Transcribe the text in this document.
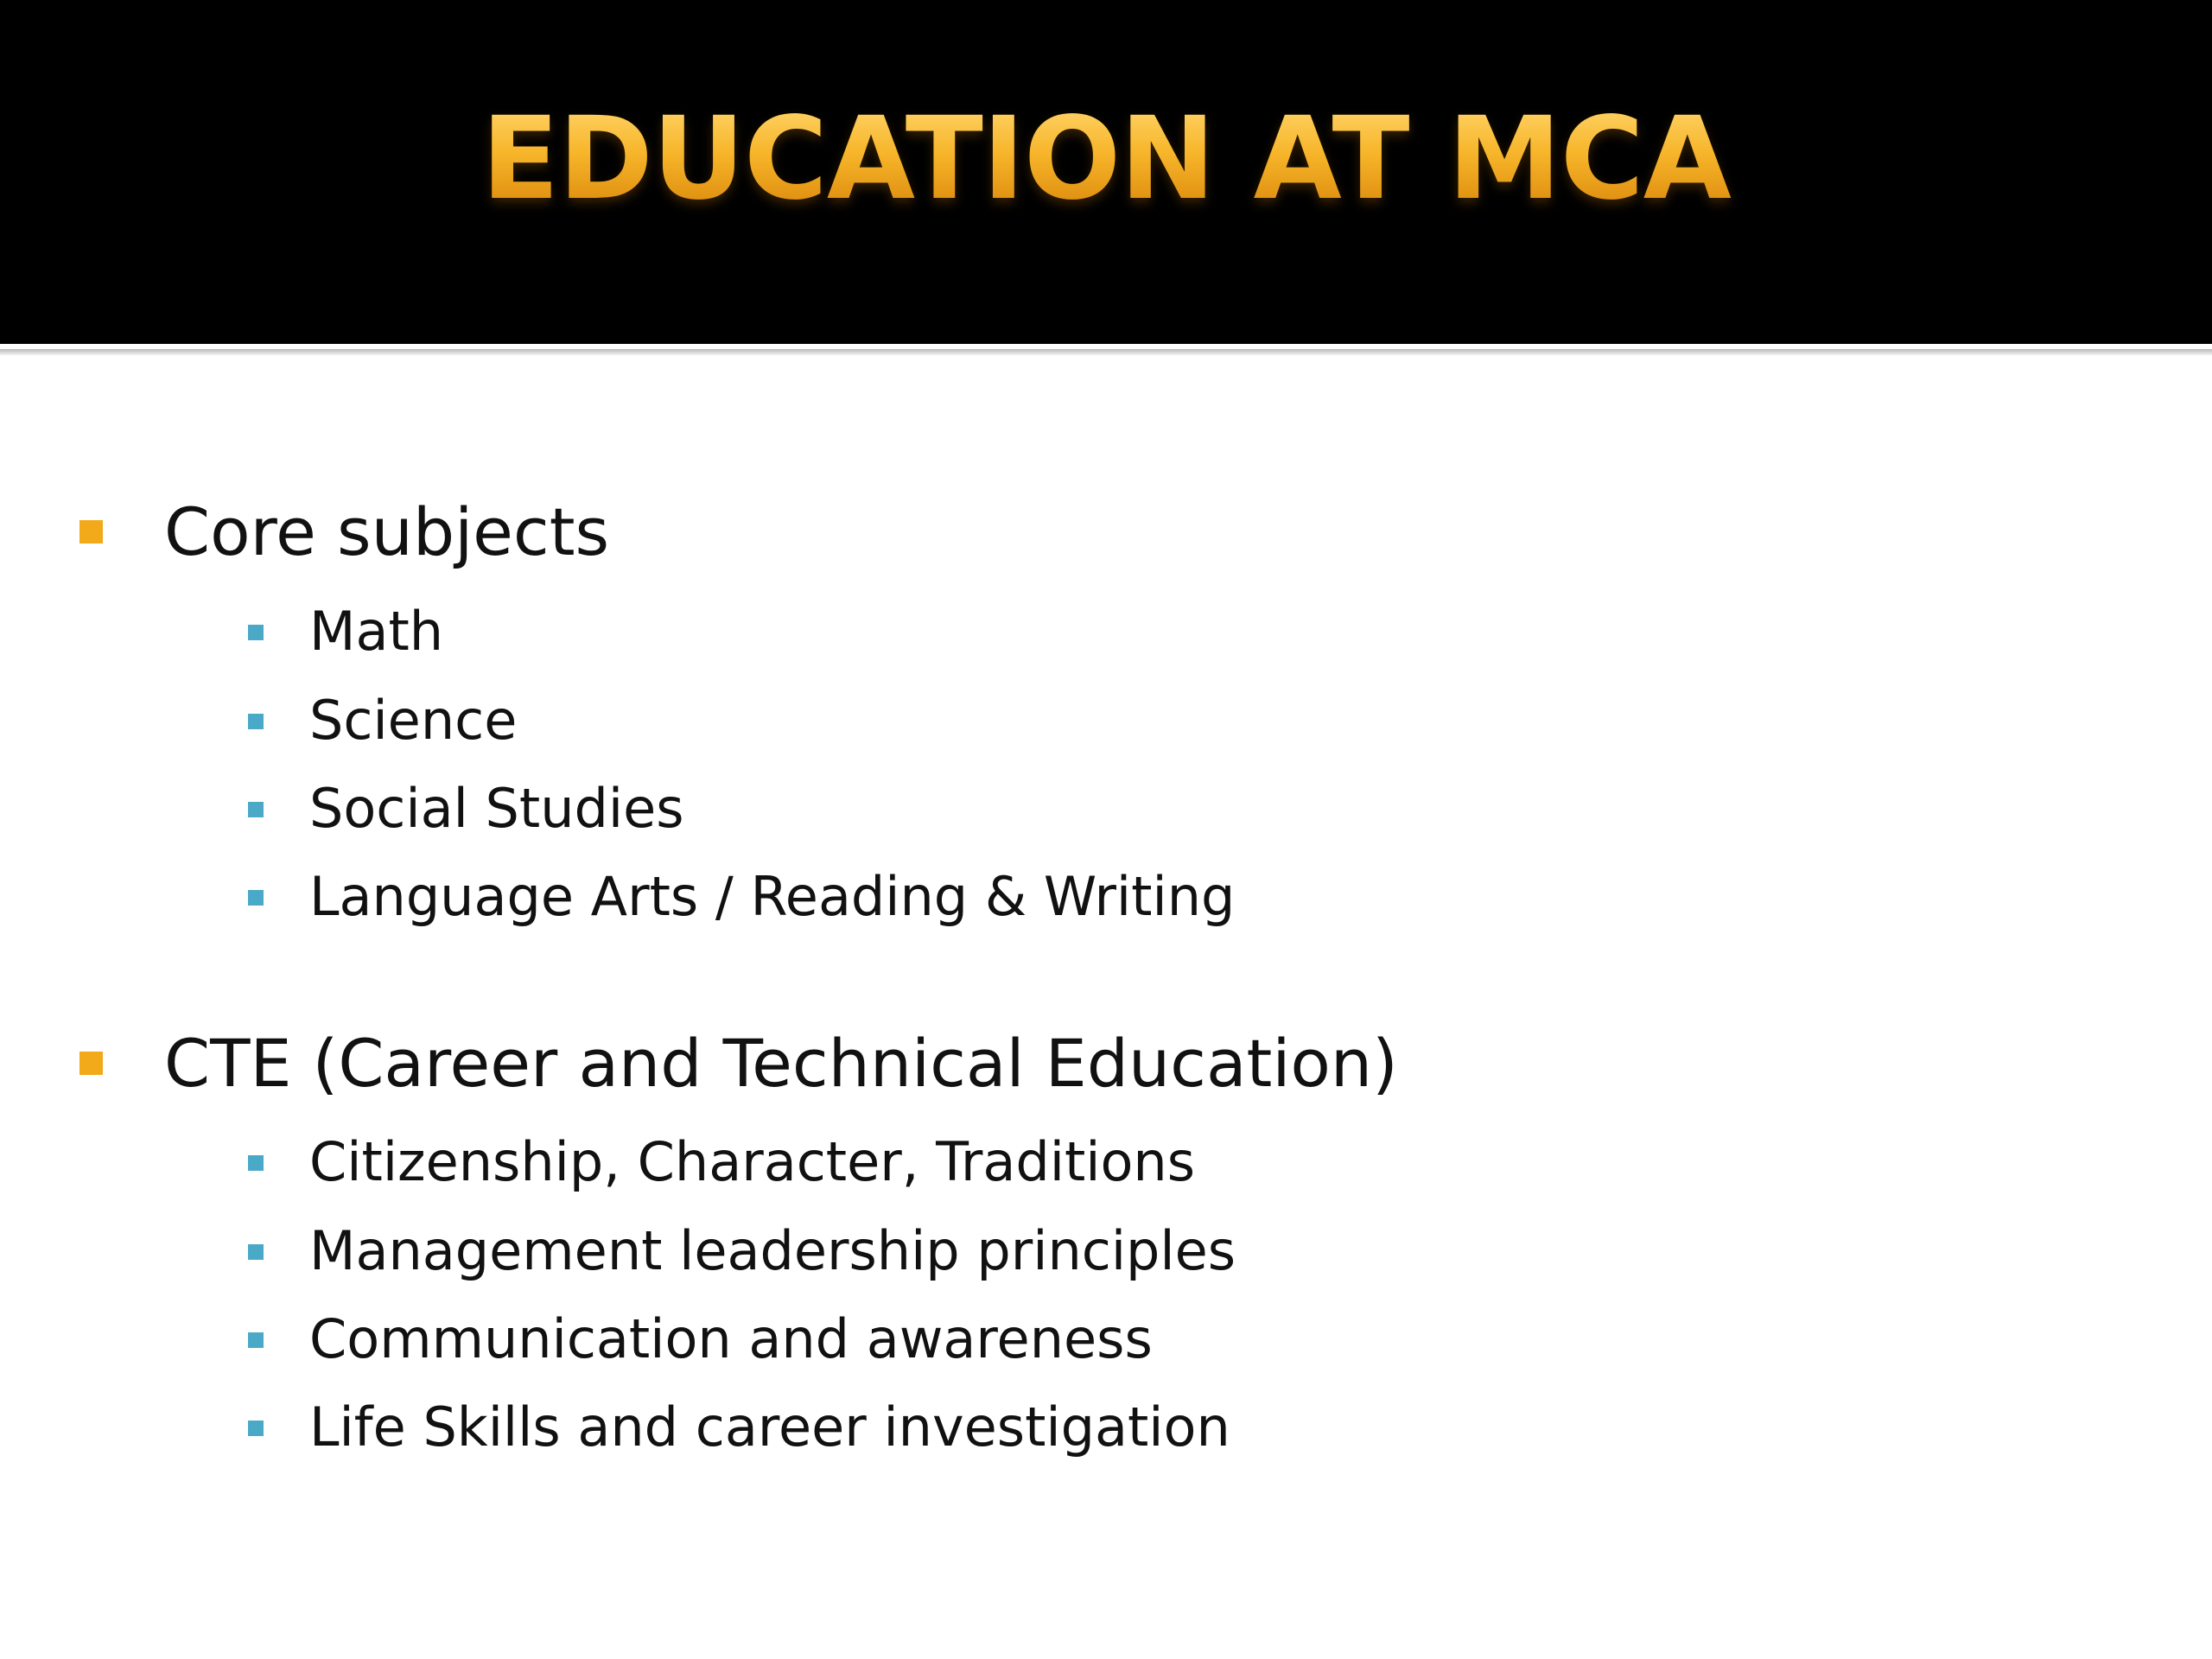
EDUCATION AT MCA
Core subjects
Math
Science
Social Studies
Language Arts / Reading & Writing
CTE (Career and Technical Education)
Citizenship, Character, Traditions
Management leadership principles
Communication and awareness
Life Skills and career investigation
